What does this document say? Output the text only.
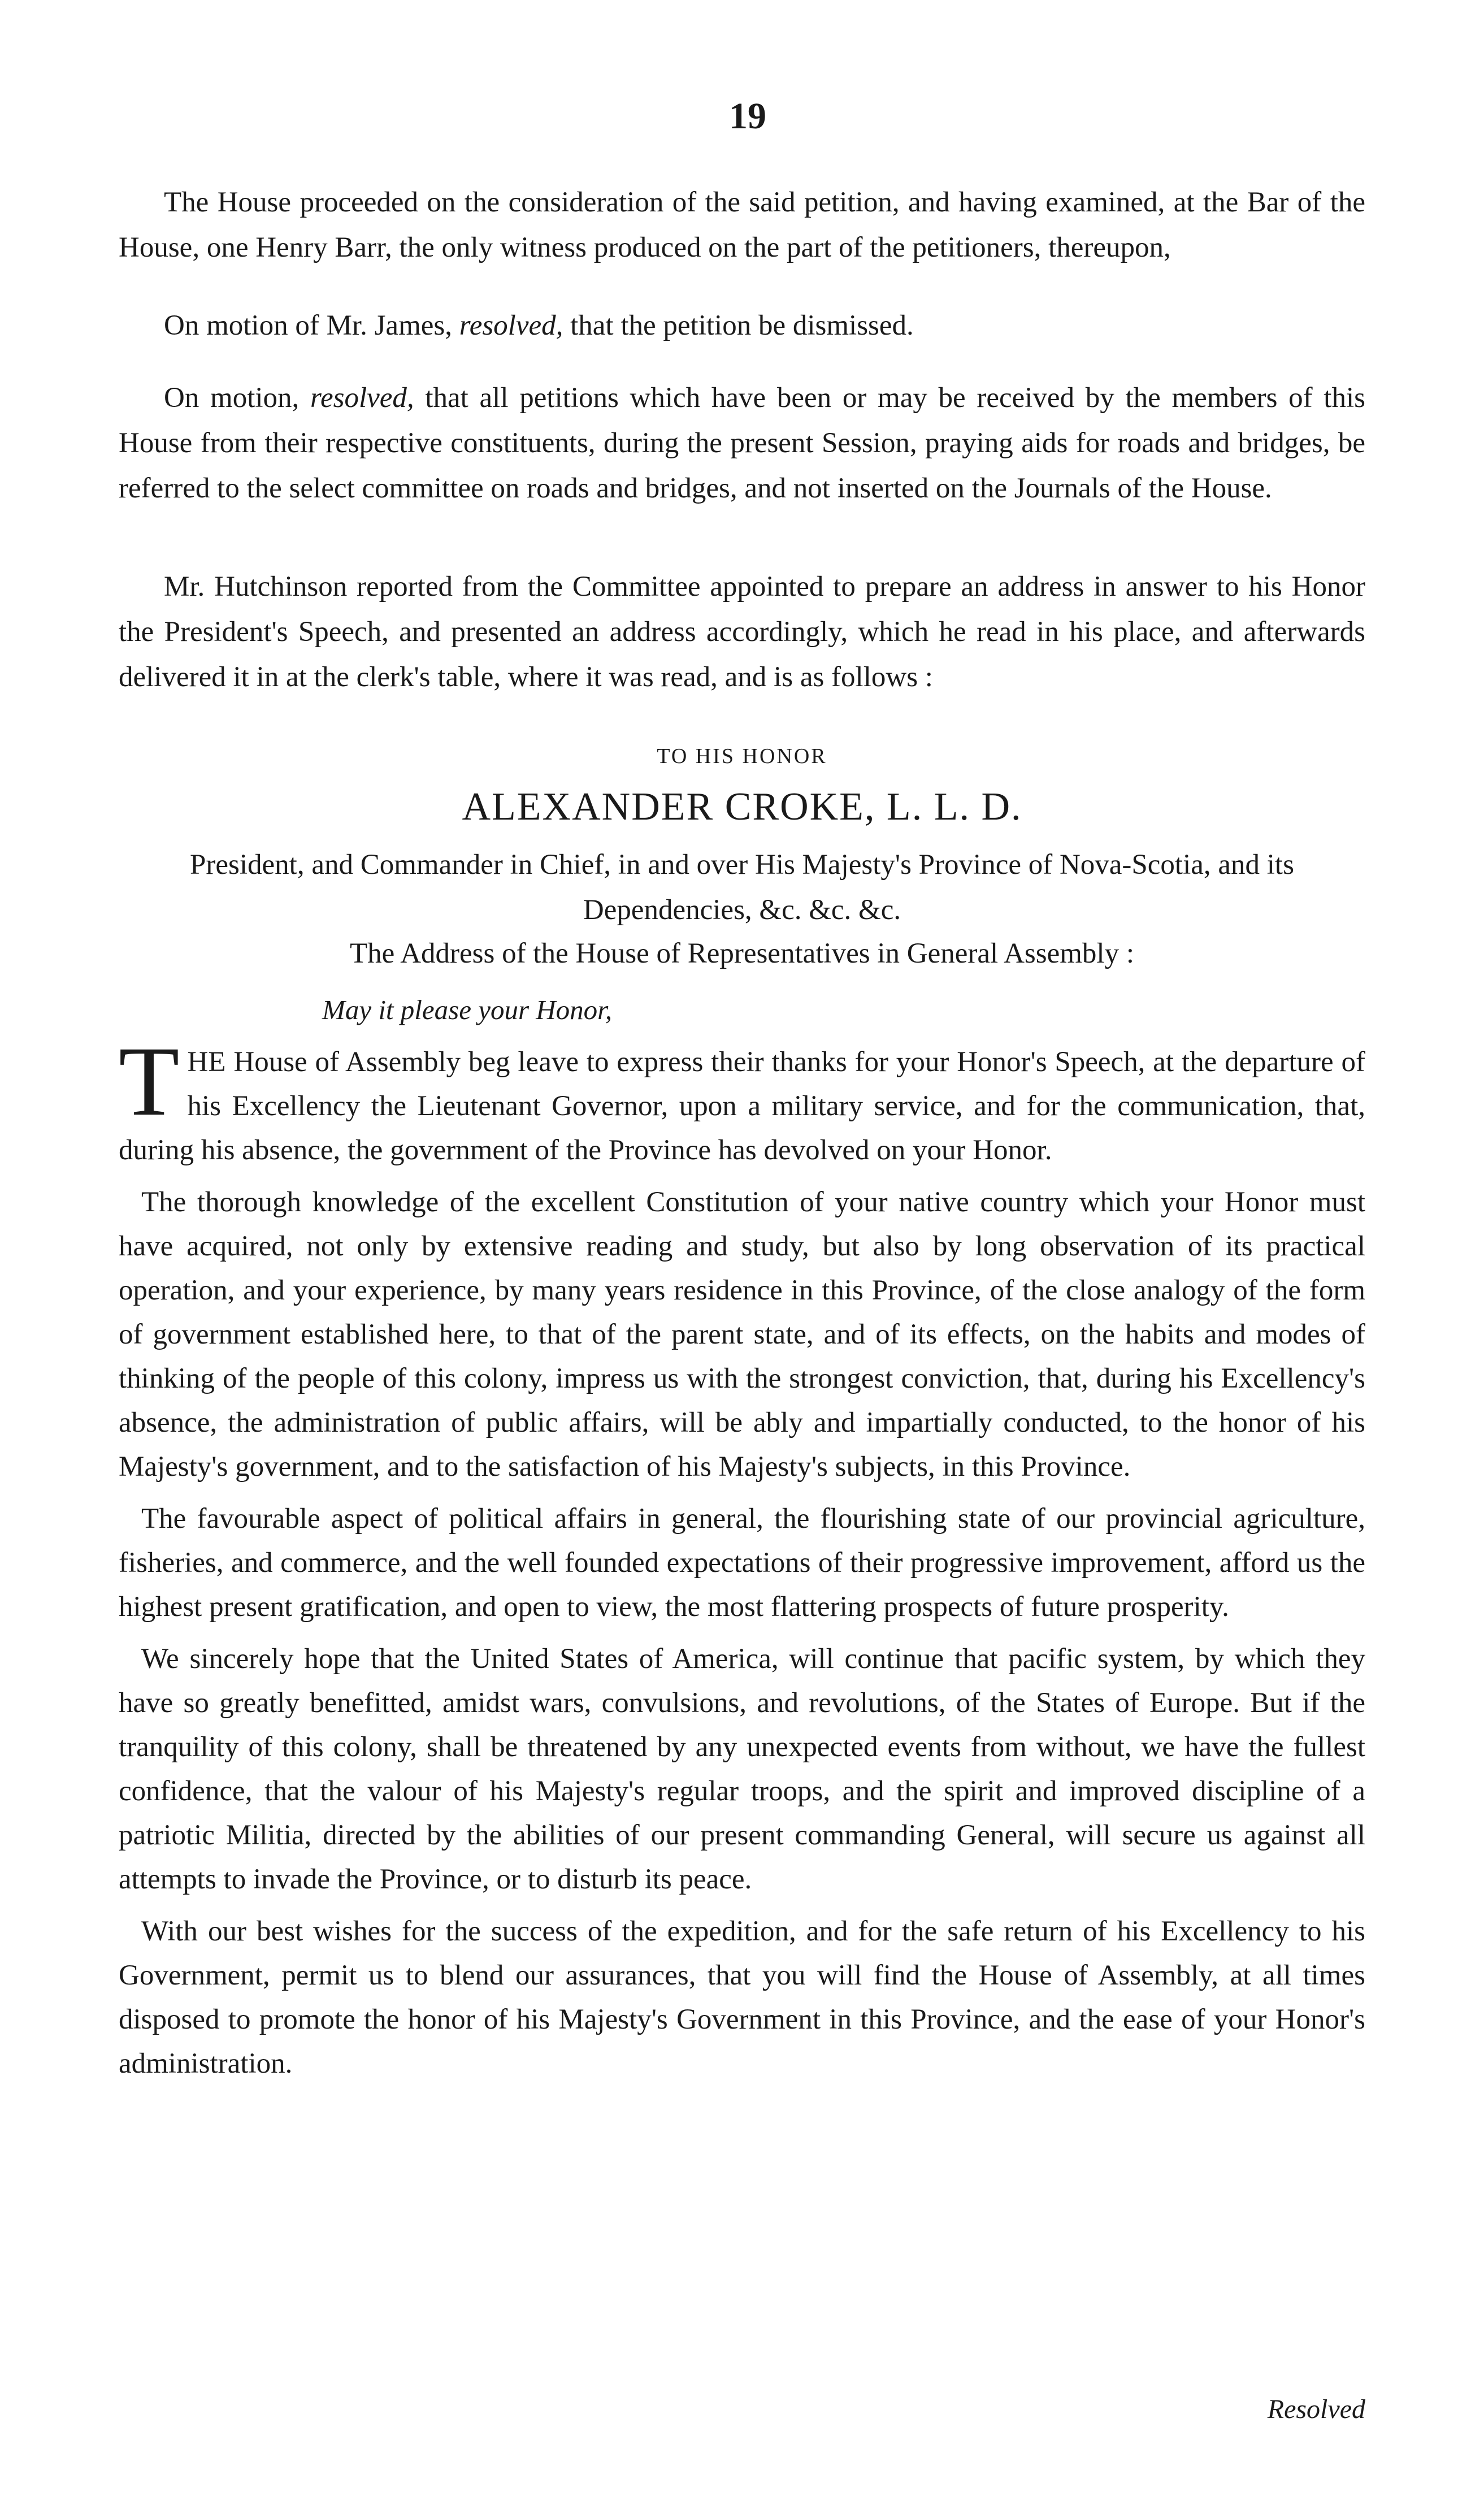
19

The House proceeded on the consideration of the said petition, and having examined, at the Bar of the House, one Henry Barr, the only witness produced on the part of the petitioners, thereupon,

On motion of Mr. James, resolved, that the petition be dismissed.

On motion, resolved, that all petitions which have been or may be received by the members of this House from their respective constituents, during the present Session, praying aids for roads and bridges, be referred to the select committee on roads and bridges, and not inserted on the Journals of the House.

Mr. Hutchinson reported from the Committee appointed to prepare an address in answer to his Honor the President's Speech, and presented an address accordingly, which he read in his place, and afterwards delivered it in at the clerk's table, where it was read, and is as follows :

TO HIS HONOR
ALEXANDER CROKE, L. L. D.
President, and Commander in Chief, in and over His Majesty's Province of Nova-Scotia, and its Dependencies, &c. &c. &c.
The Address of the House of Representatives in General Assembly :
May it please your Honor,

THE House of Assembly beg leave to express their thanks for your Honor's Speech, at the departure of his Excellency the Lieutenant Governor, upon a military service, and for the communication, that, during his absence, the government of the Province has devolved on your Honor.

The thorough knowledge of the excellent Constitution of your native country which your Honor must have acquired, not only by extensive reading and study, but also by long observation of its practical operation, and your experience, by many years residence in this Province, of the close analogy of the form of government established here, to that of the parent state, and of its effects, on the habits and modes of thinking of the people of this colony, impress us with the strongest conviction, that, during his Excellency's absence, the administration of public affairs, will be ably and impartially conducted, to the honor of his Majesty's government, and to the satisfaction of his Majesty's subjects, in this Province.

The favourable aspect of political affairs in general, the flourishing state of our provincial agriculture, fisheries, and commerce, and the well founded expectations of their progressive improvement, afford us the highest present gratification, and open to view, the most flattering prospects of future prosperity.

We sincerely hope that the United States of America, will continue that pacific system, by which they have so greatly benefitted, amidst wars, convulsions, and revolutions, of the States of Europe. But if the tranquility of this colony, shall be threatened by any unexpected events from without, we have the fullest confidence, that the valour of his Majesty's regular troops, and the spirit and improved discipline of a patriotic Militia, directed by the abilities of our present commanding General, will secure us against all attempts to invade the Province, or to disturb its peace.

With our best wishes for the success of the expedition, and for the safe return of his Excellency to his Government, permit us to blend our assurances, that you will find the House of Assembly, at all times disposed to promote the honor of his Majesty's Government in this Province, and the ease of your Honor's administration.

Resolved
